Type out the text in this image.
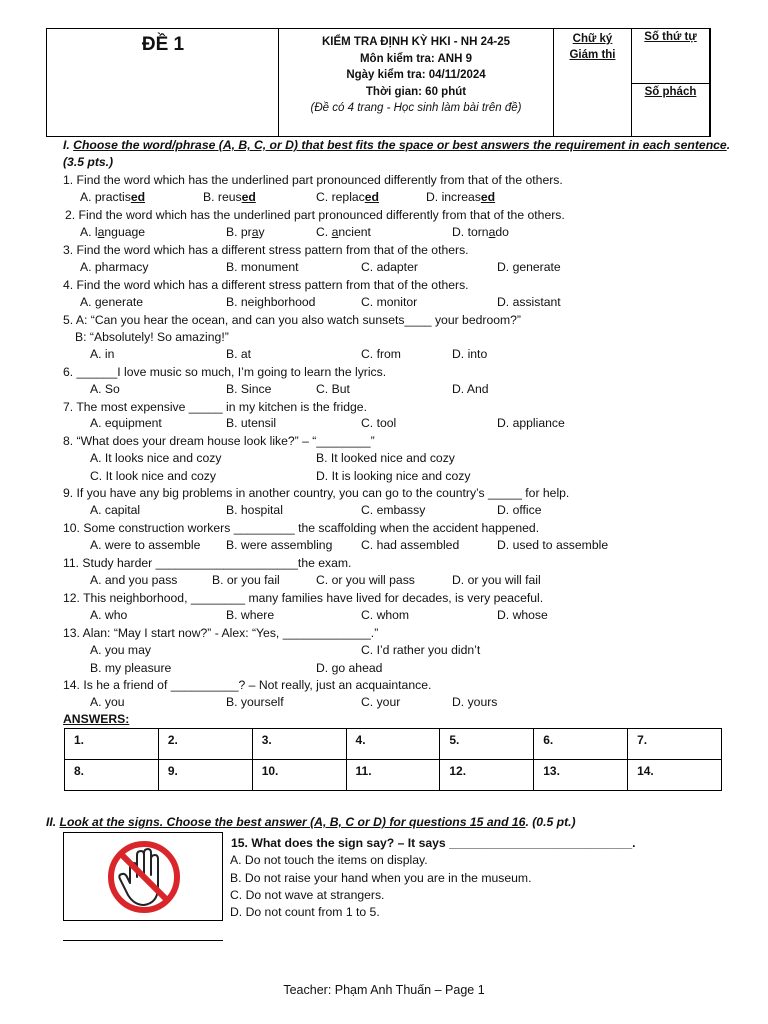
ĐỀ 1	KIỂM TRA ĐỊNH KỲ HKI - NH 24-25
Môn kiểm tra: ANH 9
Ngày kiểm tra: 04/11/2024
Thời gian: 60 phút
(Đề có 4 trang - Học sinh làm bài trên đề)
Chữ ký
Giám thi
Số thứ tự
Số phách
I. Choose the word/phrase (A, B, C, or D) that best fits the space or best answers the requirement in each sentence.
(3.5 pts.)
1. Find the word which has the underlined part pronounced differently from that of the others.
A. practised	B. reused	C. replaced	D. increased
2. Find the word which has the underlined part pronounced differently from that of the others.
A. language	B. pray	C. ancient	D. tornado
3. Find the word which has a different stress pattern from that of the others.
A. pharmacy	B. monument	C. adapter	D. generate
4. Find the word which has a different stress pattern from that of the others.
A. generate	B. neighborhood	C. monitor	D. assistant
5. A: “Can you hear the ocean, and can you also watch sunsets____ your bedroom?”
B: “Absolutely! So amazing!”
A. in	B. at	C. from	D. into
6. ______I love music so much, I’m going to learn the lyrics.
A. So	B. Since	C. But	D. And
7. The most expensive _____ in my kitchen is the fridge.
A. equipment	B. utensil	C. tool	D. appliance
8. “What does your dream house look like?” – “________”
A. It looks nice and cozy	B. It looked nice and cozy
C. It look nice and cozy	D. It is looking nice and cozy
9. If you have any big problems in another country, you can go to the country’s _____ for help.
A. capital	B. hospital	C. embassy	D. office
10. Some construction workers _________ the scaffolding when the accident happened.
A. were to assemble B. were assembling C. had assembled	D. used to assemble
11. Study harder _____________________the exam.
A. and you pass	B. or you fail	C. or you will pass	D. or you will fail
12. This neighborhood, ________ many families have lived for decades, is very peaceful.
A. who	B. where	C. whom	D. whose
13. Alan: “May I start now?” - Alex: “Yes, _____________.”
A. you may	C. I’d rather you didn’t
B. my pleasure	D. go ahead
14. Is he a friend of __________? – Not really, just an acquaintance.
A. you	B. yourself	C. your	D. yours
ANSWERS:
1.	2.	3.	4.	5.	6.	7.
8.	9.	10.	11.	12.	13.	14.
II. Look at the signs. Choose the best answer (A, B, C or D) for questions 15 and 16. (0.5 pt.)
15. What does the sign say? – It says ___________________________.
A. Do not touch the items on display.
B. Do not raise your hand when you are in the museum.
C. Do not wave at strangers.
D. Do not count from 1 to 5.
Teacher: Phạm Anh Thuấn – Page 1
